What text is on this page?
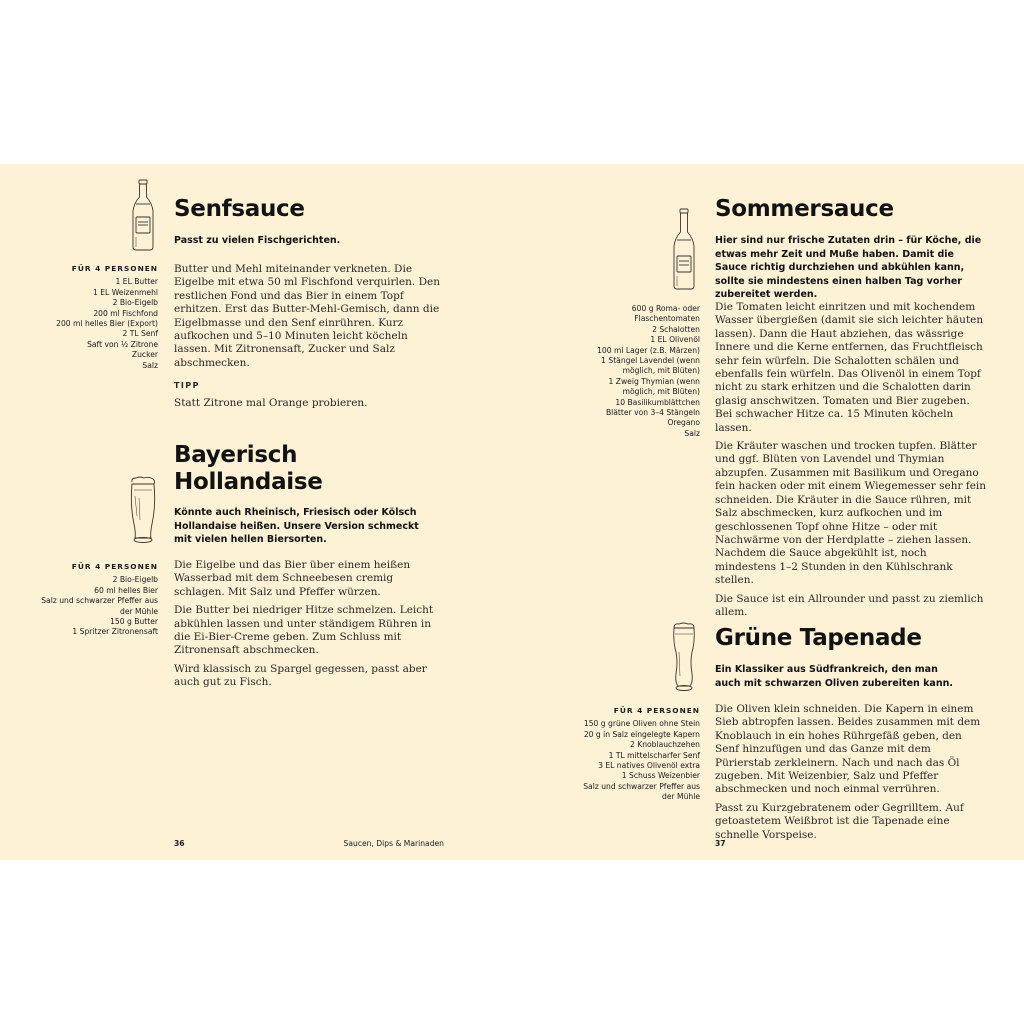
Senfsauce
Passt zu vielen Fischgerichten.
FÜR 4 PERSONEN
1 EL Butter
1 EL Weizenmehl
2 Bio-Eigelb
200 ml Fischfond
200 ml helles Bier (Export)
2 TL Senf
Saft von ½ Zitrone
Zucker
Salz

Butter und Mehl miteinander verkneten. Die Eigelbe mit etwa 50 ml Fischfond verquirlen. Den restlichen Fond und das Bier in einem Topf erhitzen. Erst das Butter-Mehl-Gemisch, dann die Eigelbmasse und den Senf einrühren. Kurz aufkochen und 5–10 Minuten leicht köcheln lassen. Mit Zitronensaft, Zucker und Salz abschmecken.

TIPP

Statt Zitrone mal Orange probieren.

Bayerisch
Hollandaise
Könnte auch Rheinisch, Friesisch oder Kölsch Hollandaise heißen. Unsere Version schmeckt mit vielen hellen Biersorten.
FÜR 4 PERSONEN
2 Bio-Eigelb
60 ml helles Bier
Salz und schwarzer Pfeffer aus
der Mühle
150 g Butter
1 Spritzer Zitronensaft

Die Eigelbe und das Bier über einem heißen Wasserbad mit dem Schneebesen cremig schlagen. Mit Salz und Pfeffer würzen.

Die Butter bei niedriger Hitze schmelzen. Leicht abkühlen lassen und unter ständigem Rühren in die Ei-Bier-Creme geben. Zum Schluss mit Zitronensaft abschmecken.

Wird klassisch zu Spargel gegessen, passt aber auch gut zu Fisch.

36	Saucen, Dips & Marinaden
Sommersauce
Hier sind nur frische Zutaten drin – für Köche, die etwas mehr Zeit und Muße haben. Damit die Sauce richtig durchziehen und abkühlen kann, sollte sie mindestens einen halben Tag vorher zubereitet werden.
600 g Roma- oder
Flaschentomaten
2 Schalotten
1 EL Olivenöl
100 ml Lager (z.B. Märzen)
1 Stängel Lavendel (wenn
möglich, mit Blüten)
1 Zweig Thymian (wenn
möglich, mit Blüten)
10 Basilikumblättchen
Blätter von 3–4 Stängeln
Oregano
Salz

Die Tomaten leicht einritzen und mit kochendem Wasser übergießen (damit sie sich leichter häuten lassen). Dann die Haut abziehen, das wässrige Innere und die Kerne entfernen, das Fruchtfleisch sehr fein würfeln. Die Schalotten schälen und ebenfalls fein würfeln. Das Olivenöl in einem Topf nicht zu stark erhitzen und die Schalotten darin glasig anschwitzen. Tomaten und Bier zugeben. Bei schwacher Hitze ca. 15 Minuten köcheln lassen.

Die Kräuter waschen und trocken tupfen. Blätter und ggf. Blüten von Lavendel und Thymian abzupfen. Zusammen mit Basilikum und Oregano fein hacken oder mit einem Wiegemesser sehr fein schneiden. Die Kräuter in die Sauce rühren, mit Salz abschmecken, kurz aufkochen und im geschlossenen Topf ohne Hitze – oder mit Nachwärme von der Herdplatte – ziehen lassen. Nachdem die Sauce abgekühlt ist, noch mindestens 1–2 Stunden in den Kühlschrank stellen.

Die Sauce ist ein Allrounder und passt zu ziemlich allem.

Grüne Tapenade
Ein Klassiker aus Südfrankreich, den man auch mit schwarzen Oliven zubereiten kann.
FÜR 4 PERSONEN
150 g grüne Oliven ohne Stein
20 g in Salz eingelegte Kapern
2 Knoblauchzehen
1 TL mittelscharfer Senf
3 EL natives Olivenöl extra
1 Schuss Weizenbier
Salz und schwarzer Pfeffer aus
der Mühle

Die Oliven klein schneiden. Die Kapern in einem Sieb abtropfen lassen. Beides zusammen mit dem Knoblauch in ein hohes Rührgefäß geben, den Senf hinzufügen und das Ganze mit dem Pürierstab zerkleinern. Nach und nach das Öl zugeben. Mit Weizenbier, Salz und Pfeffer abschmecken und noch einmal verrühren.

Passt zu Kurzgebratenem oder Gegrilltem. Auf getoastetem Weißbrot ist die Tapenade eine schnelle Vorspeise.

37
